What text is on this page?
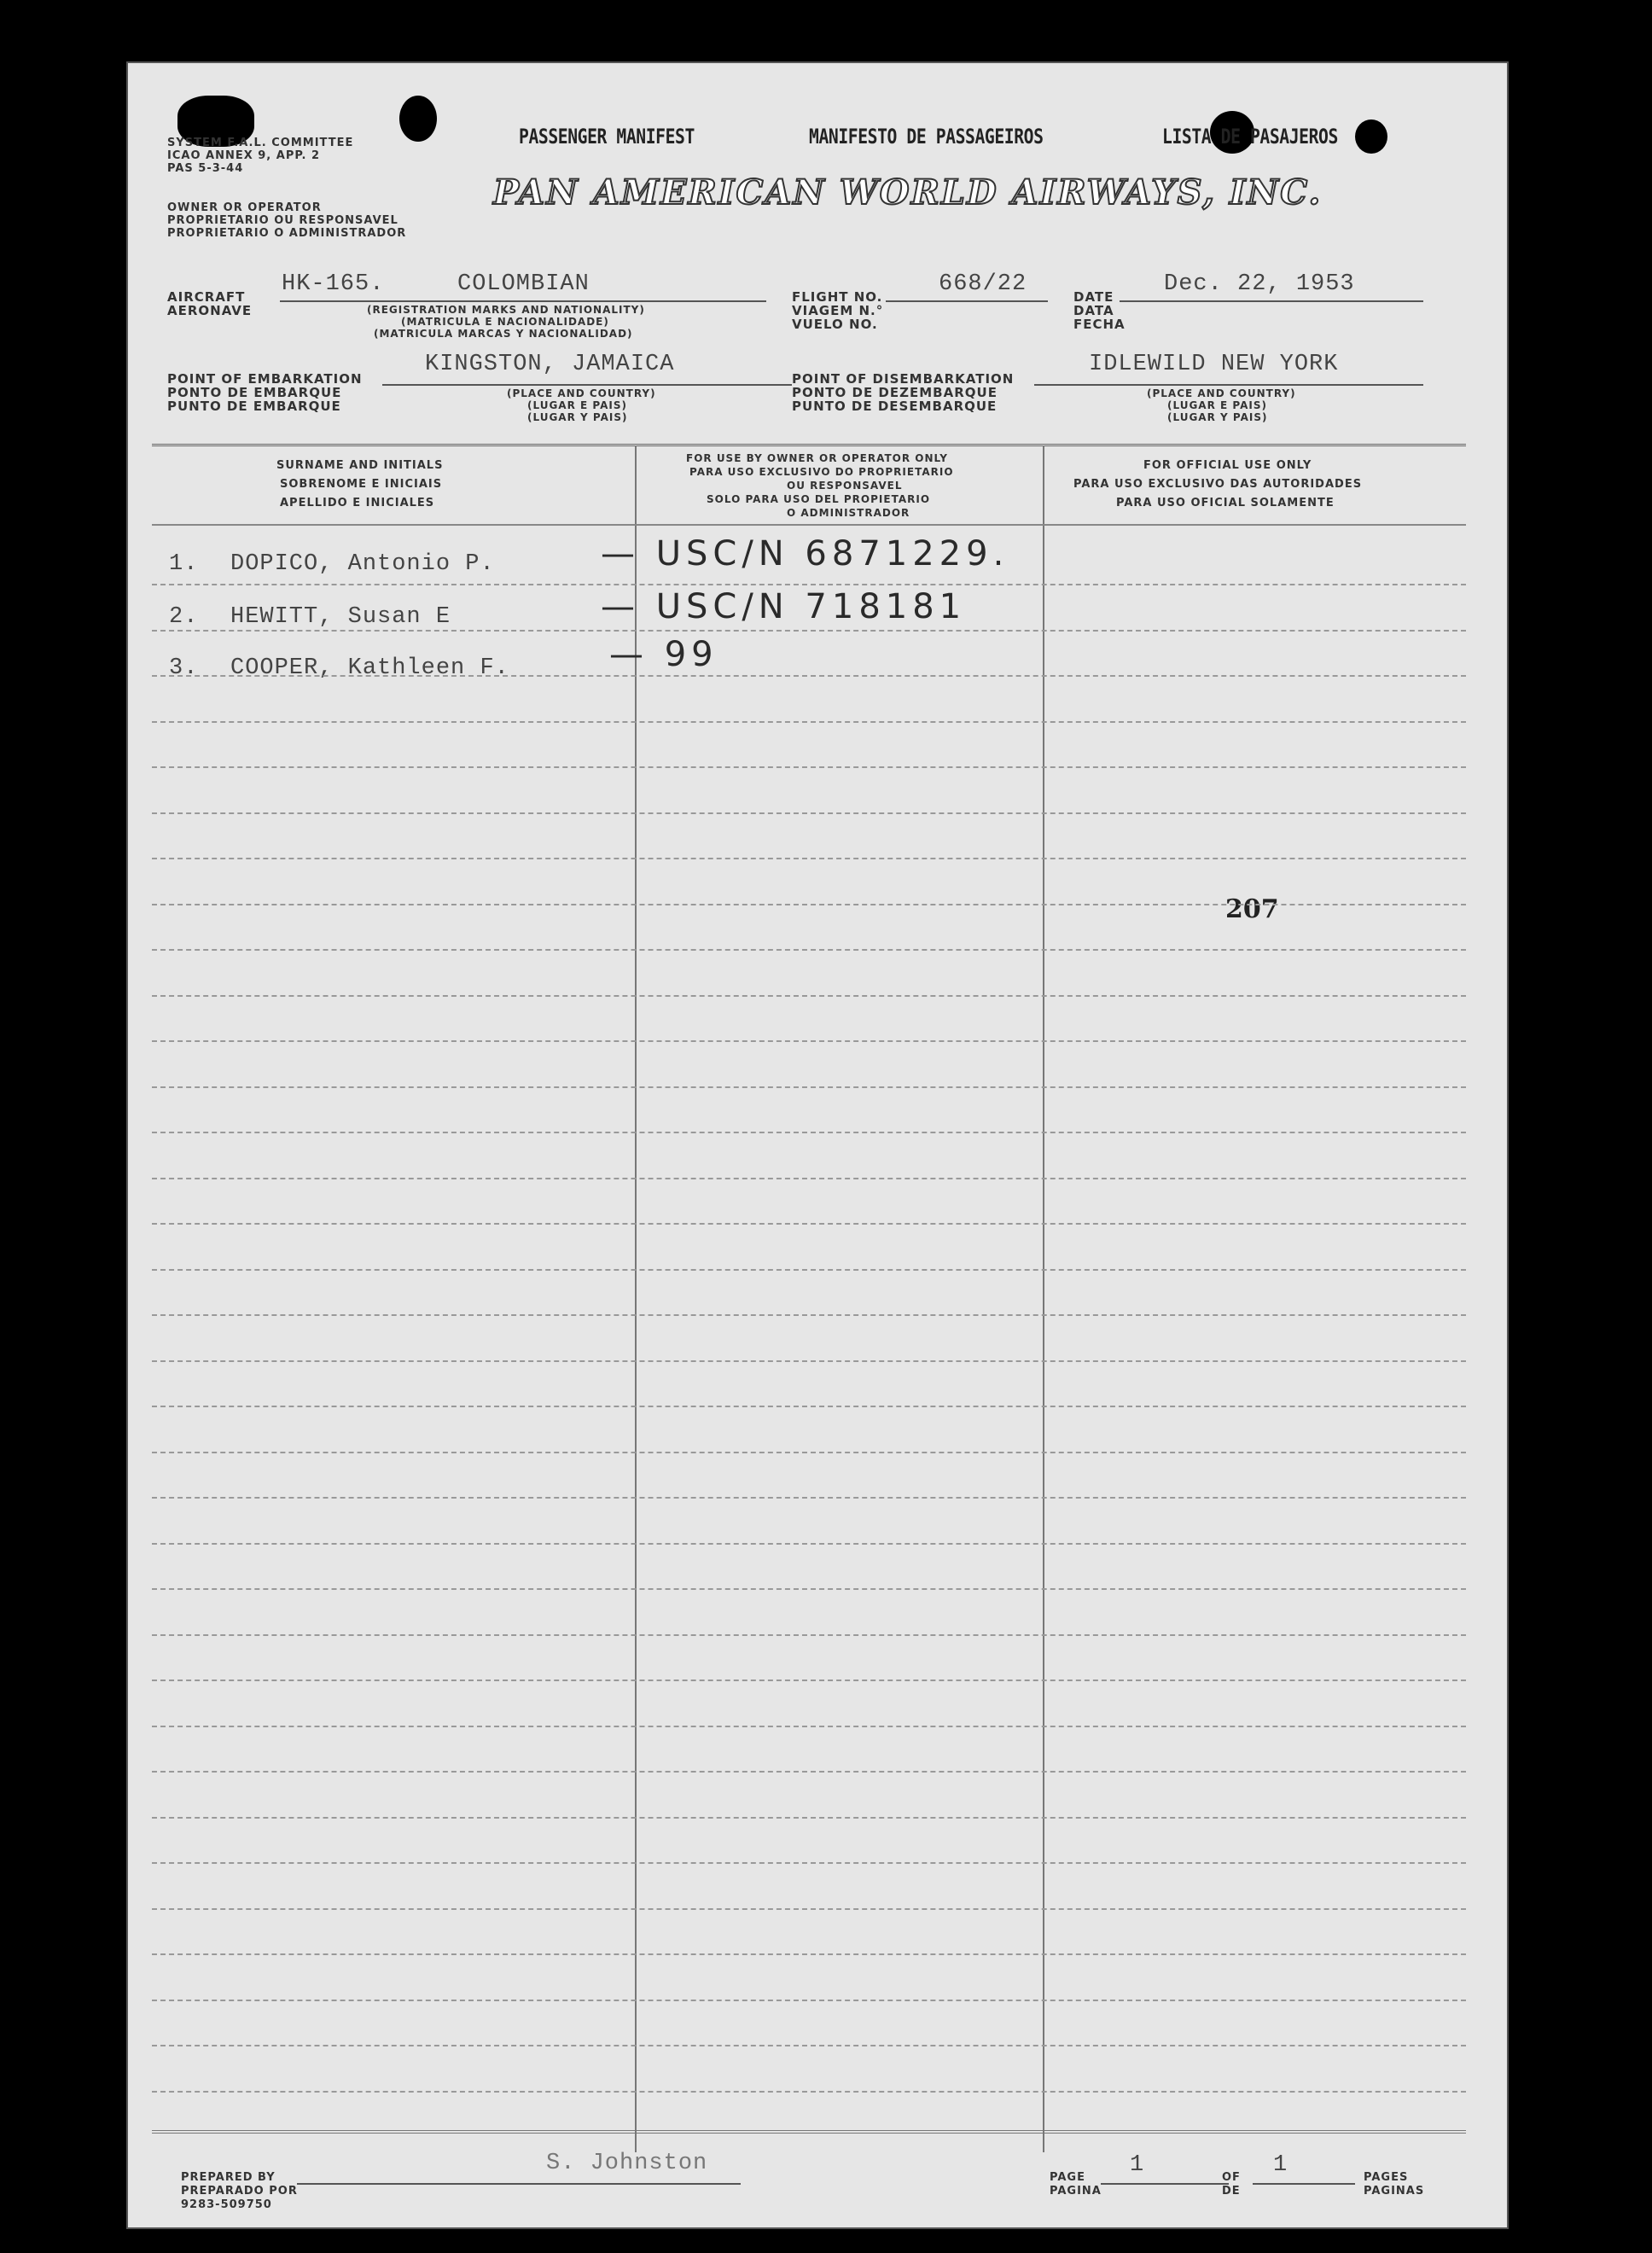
SYSTEM F.A.L. COMMITTEE
ICAO ANNEX 9, APP. 2
PAS 5-3-44
OWNER OR OPERATOR
PROPRIETARIO OU RESPONSAVEL
PROPRIETARIO O ADMINISTRADOR
PASSENGER MANIFEST	MANIFESTO DE PASSAGEIROS	LISTA DE PASAJEROS
PAN AMERICAN WORLD AIRWAYS, INC.
AIRCRAFT
AERONAVE
HK-165.	COLOMBIAN
(REGISTRATION MARKS AND NATIONALITY)
(MATRICULA E NACIONALIDADE)
(MATRICULA MARCAS Y NACIONALIDAD)
FLIGHT NO.
VIAGEM N.°
VUELO NO.
668/22	DATE
DATA
FECHA
Dec. 22, 1953
POINT OF EMBARKATION
PONTO DE EMBARQUE
PUNTO DE EMBARQUE
KINGSTON, JAMAICA
(PLACE AND COUNTRY)
(LUGAR E PAIS)
(LUGAR Y PAIS)
POINT OF DISEMBARKATION
PONTO DE DEZEMBARQUE
PUNTO DE DESEMBARQUE
IDLEWILD NEW YORK
(PLACE AND COUNTRY)
(LUGAR E PAIS)
(LUGAR Y PAIS)
SURNAME AND INITIALS
SOBRENOME E INICIAIS
APELLIDO E INICIALES
FOR USE BY OWNER OR OPERATOR ONLY
PARA USO EXCLUSIVO DO PROPRIETARIO
OU RESPONSAVEL
SOLO PARA USO DEL PROPIETARIO
O ADMINISTRADOR
FOR OFFICIAL USE ONLY
PARA USO EXCLUSIVO DAS AUTORIDADES
PARA USO OFICIAL SOLAMENTE
1. DOPICO, Antonio P.	— USC/N 6871229.
2. HEWITT, Susan E	— USC/N 718181
3. COOPER, Kathleen F.	— 99
207
PREPARED BY
PREPARADO POR
9283-509750
S. Johnston
PAGE
PAGINA
1	OF
DE
1	PAGES
PAGINAS
